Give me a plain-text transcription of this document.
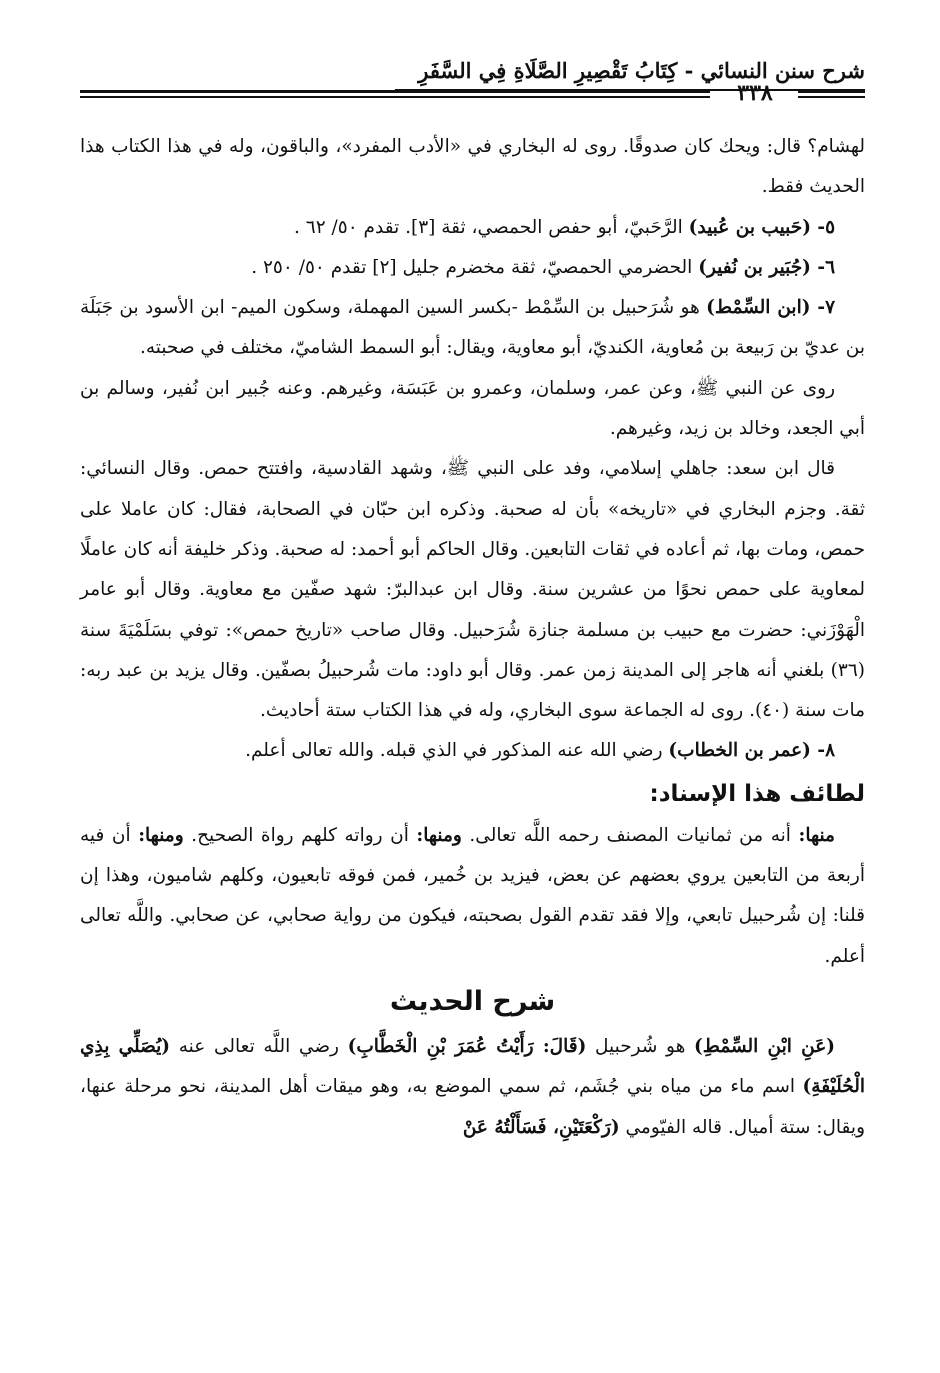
شرح سنن النسائي - كِتَابُ تَقْصِيرِ الصَّلَاةِ فِي السَّفَرِ
٣٣٨

لهشام؟ قال: ويحك كان صدوقًا. روى له البخاري في «الأدب المفرد»، والباقون، وله في هذا الكتاب هذا الحديث فقط.

٥- (حَبيب بن عُبيد) الرَّحَبيّ، أبو حفص الحمصي، ثقة [٣]. تقدم ٥٠/ ٦٢ .

٦- (جُبَير بن نُفير) الحضرمي الحمصيّ، ثقة مخضرم جليل [٢] تقدم ٥٠/ ٢٥٠ .

٧- (ابن السِّمْط) هو شُرَحبيل بن السِّمْط -بكسر السين المهملة، وسكون الميم- ابن الأسود بن جَبَلَة بن عديّ بن رَبيعة بن مُعاوية، الكنديّ، أبو معاوية، ويقال: أبو السمط الشاميّ، مختلف في صحبته.

روى عن النبي ﷺ، وعن عمر، وسلمان، وعمرو بن عَبَسَة، وغيرهم. وعنه جُبير ابن نُفير، وسالم بن أبي الجعد، وخالد بن زيد، وغيرهم.

قال ابن سعد: جاهلي إسلامي، وفد على النبي ﷺ، وشهد القادسية، وافتتح حمص. وقال النسائي: ثقة. وجزم البخاري في «تاريخه» بأن له صحبة. وذكره ابن حبّان في الصحابة، فقال: كان عاملا على حمص، ومات بها، ثم أعاده في ثقات التابعين. وقال الحاكم أبو أحمد: له صحبة. وذكر خليفة أنه كان عاملًا لمعاوية على حمص نحوًا من عشرين سنة. وقال ابن عبدالبرّ: شهد صفّين مع معاوية. وقال أبو عامر الْهَوْزَني: حضرت مع حبيب بن مسلمة جنازة شُرَحبيل. وقال صاحب «تاريخ حمص»: توفي بسَلَمْيَةَ سنة (٣٦) بلغني أنه هاجر إلى المدينة زمن عمر. وقال أبو داود: مات شُرحبيلُ بصفّين. وقال يزيد بن عبد ربه: مات سنة (٤٠). روى له الجماعة سوى البخاري، وله في هذا الكتاب ستة أحاديث.

٨- (عمر بن الخطاب) رضي الله عنه المذكور في الذي قبله. والله تعالى أعلم.

لطائف هذا الإسناد:

منها: أنه من ثمانيات المصنف رحمه اللَّه تعالى. ومنها: أن رواته كلهم رواة الصحيح. ومنها: أن فيه أربعة من التابعين يروي بعضهم عن بعض، فيزيد بن خُمير، فمن فوقه تابعيون، وكلهم شاميون، وهذا إن قلنا: إن شُرحبيل تابعي، وإلا فقد تقدم القول بصحبته، فيكون من رواية صحابي، عن صحابي. واللَّه تعالى أعلم.

شرح الحديث

(عَنِ ابْنِ السِّمْطِ) هو شُرحبيل (قَالَ: رَأَيْتُ عُمَرَ بْنِ الْخَطَّابِ) رضي اللَّه تعالى عنه (يُصَلِّي بِذِي الْحُلَيْفَةِ) اسم ماء من مياه بني جُشَم، ثم سمي الموضع به، وهو ميقات أهل المدينة، نحو مرحلة عنها، ويقال: ستة أميال. قاله الفيّومي (رَكْعَتَيْنِ، فَسَأَلْتُهُ عَنْ
